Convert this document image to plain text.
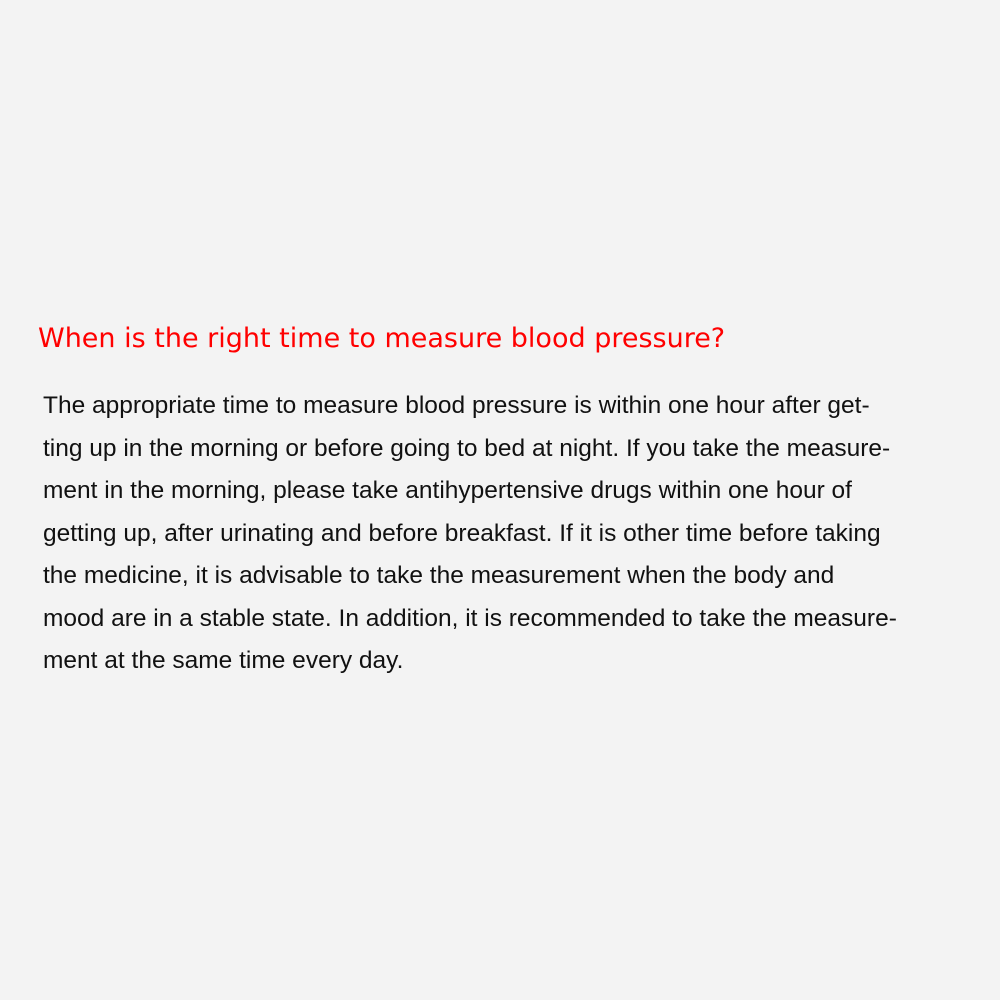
When is the right time to measure blood pressure?

The appropriate time to measure blood pressure is within one hour after get-
ting up in the morning or before going to bed at night. If you take the measure-
ment in the morning, please take antihypertensive drugs within one hour of
getting up, after urinating and before breakfast. If it is other time before taking
the medicine, it is advisable to take the measurement when the body and
mood are in a stable state. In addition, it is recommended to take the measure-
ment at the same time every day.
